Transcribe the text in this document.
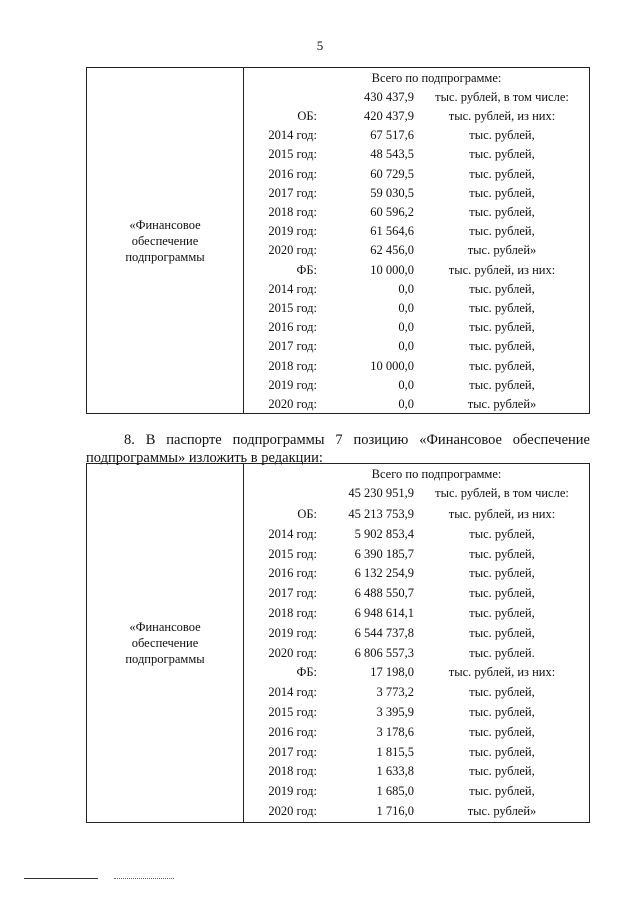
5
«Финансовое
обеспечение
подпрограммы
Всего по подпрограмме:
430 437,9	тыс. рублей, в том числе:
ОБ:	420 437,9	тыс. рублей, из них:
2014 год:	67 517,6	тыс. рублей,
2015 год:	48 543,5	тыс. рублей,
2016 год:	60 729,5	тыс. рублей,
2017 год:	59 030,5	тыс. рублей,
2018 год:	60 596,2	тыс. рублей,
2019 год:	61 564,6	тыс. рублей,
2020 год:	62 456,0	тыс. рублей»
ФБ:	10 000,0	тыс. рублей, из них:
2014 год:	0,0	тыс. рублей,
2015 год:	0,0	тыс. рублей,
2016 год:	0,0	тыс. рублей,
2017 год:	0,0	тыс. рублей,
2018 год:	10 000,0	тыс. рублей,
2019 год:	0,0	тыс. рублей,
2020 год:	0,0	тыс. рублей»
8. В паспорте подпрограммы 7 позицию «Финансовое обеспечение подпрограммы» изложить в редакции:
«Финансовое
обеспечение
подпрограммы
Всего по подпрограмме:
45 230 951,9	тыс. рублей, в том числе:
ОБ:	45 213 753,9	тыс. рублей, из них:
2014 год:	5 902 853,4	тыс. рублей,
2015 год:	6 390 185,7	тыс. рублей,
2016 год:	6 132 254,9	тыс. рублей,
2017 год:	6 488 550,7	тыс. рублей,
2018 год:	6 948 614,1	тыс. рублей,
2019 год:	6 544 737,8	тыс. рублей,
2020 год:	6 806 557,3	тыс. рублей.
ФБ:	17 198,0	тыс. рублей, из них:
2014 год:	3 773,2	тыс. рублей,
2015 год:	3 395,9	тыс. рублей,
2016 год:	3 178,6	тыс. рублей,
2017 год:	1 815,5	тыс. рублей,
2018 год:	1 633,8	тыс. рублей,
2019 год:	1 685,0	тыс. рублей,
2020 год:	1 716,0	тыс. рублей»
